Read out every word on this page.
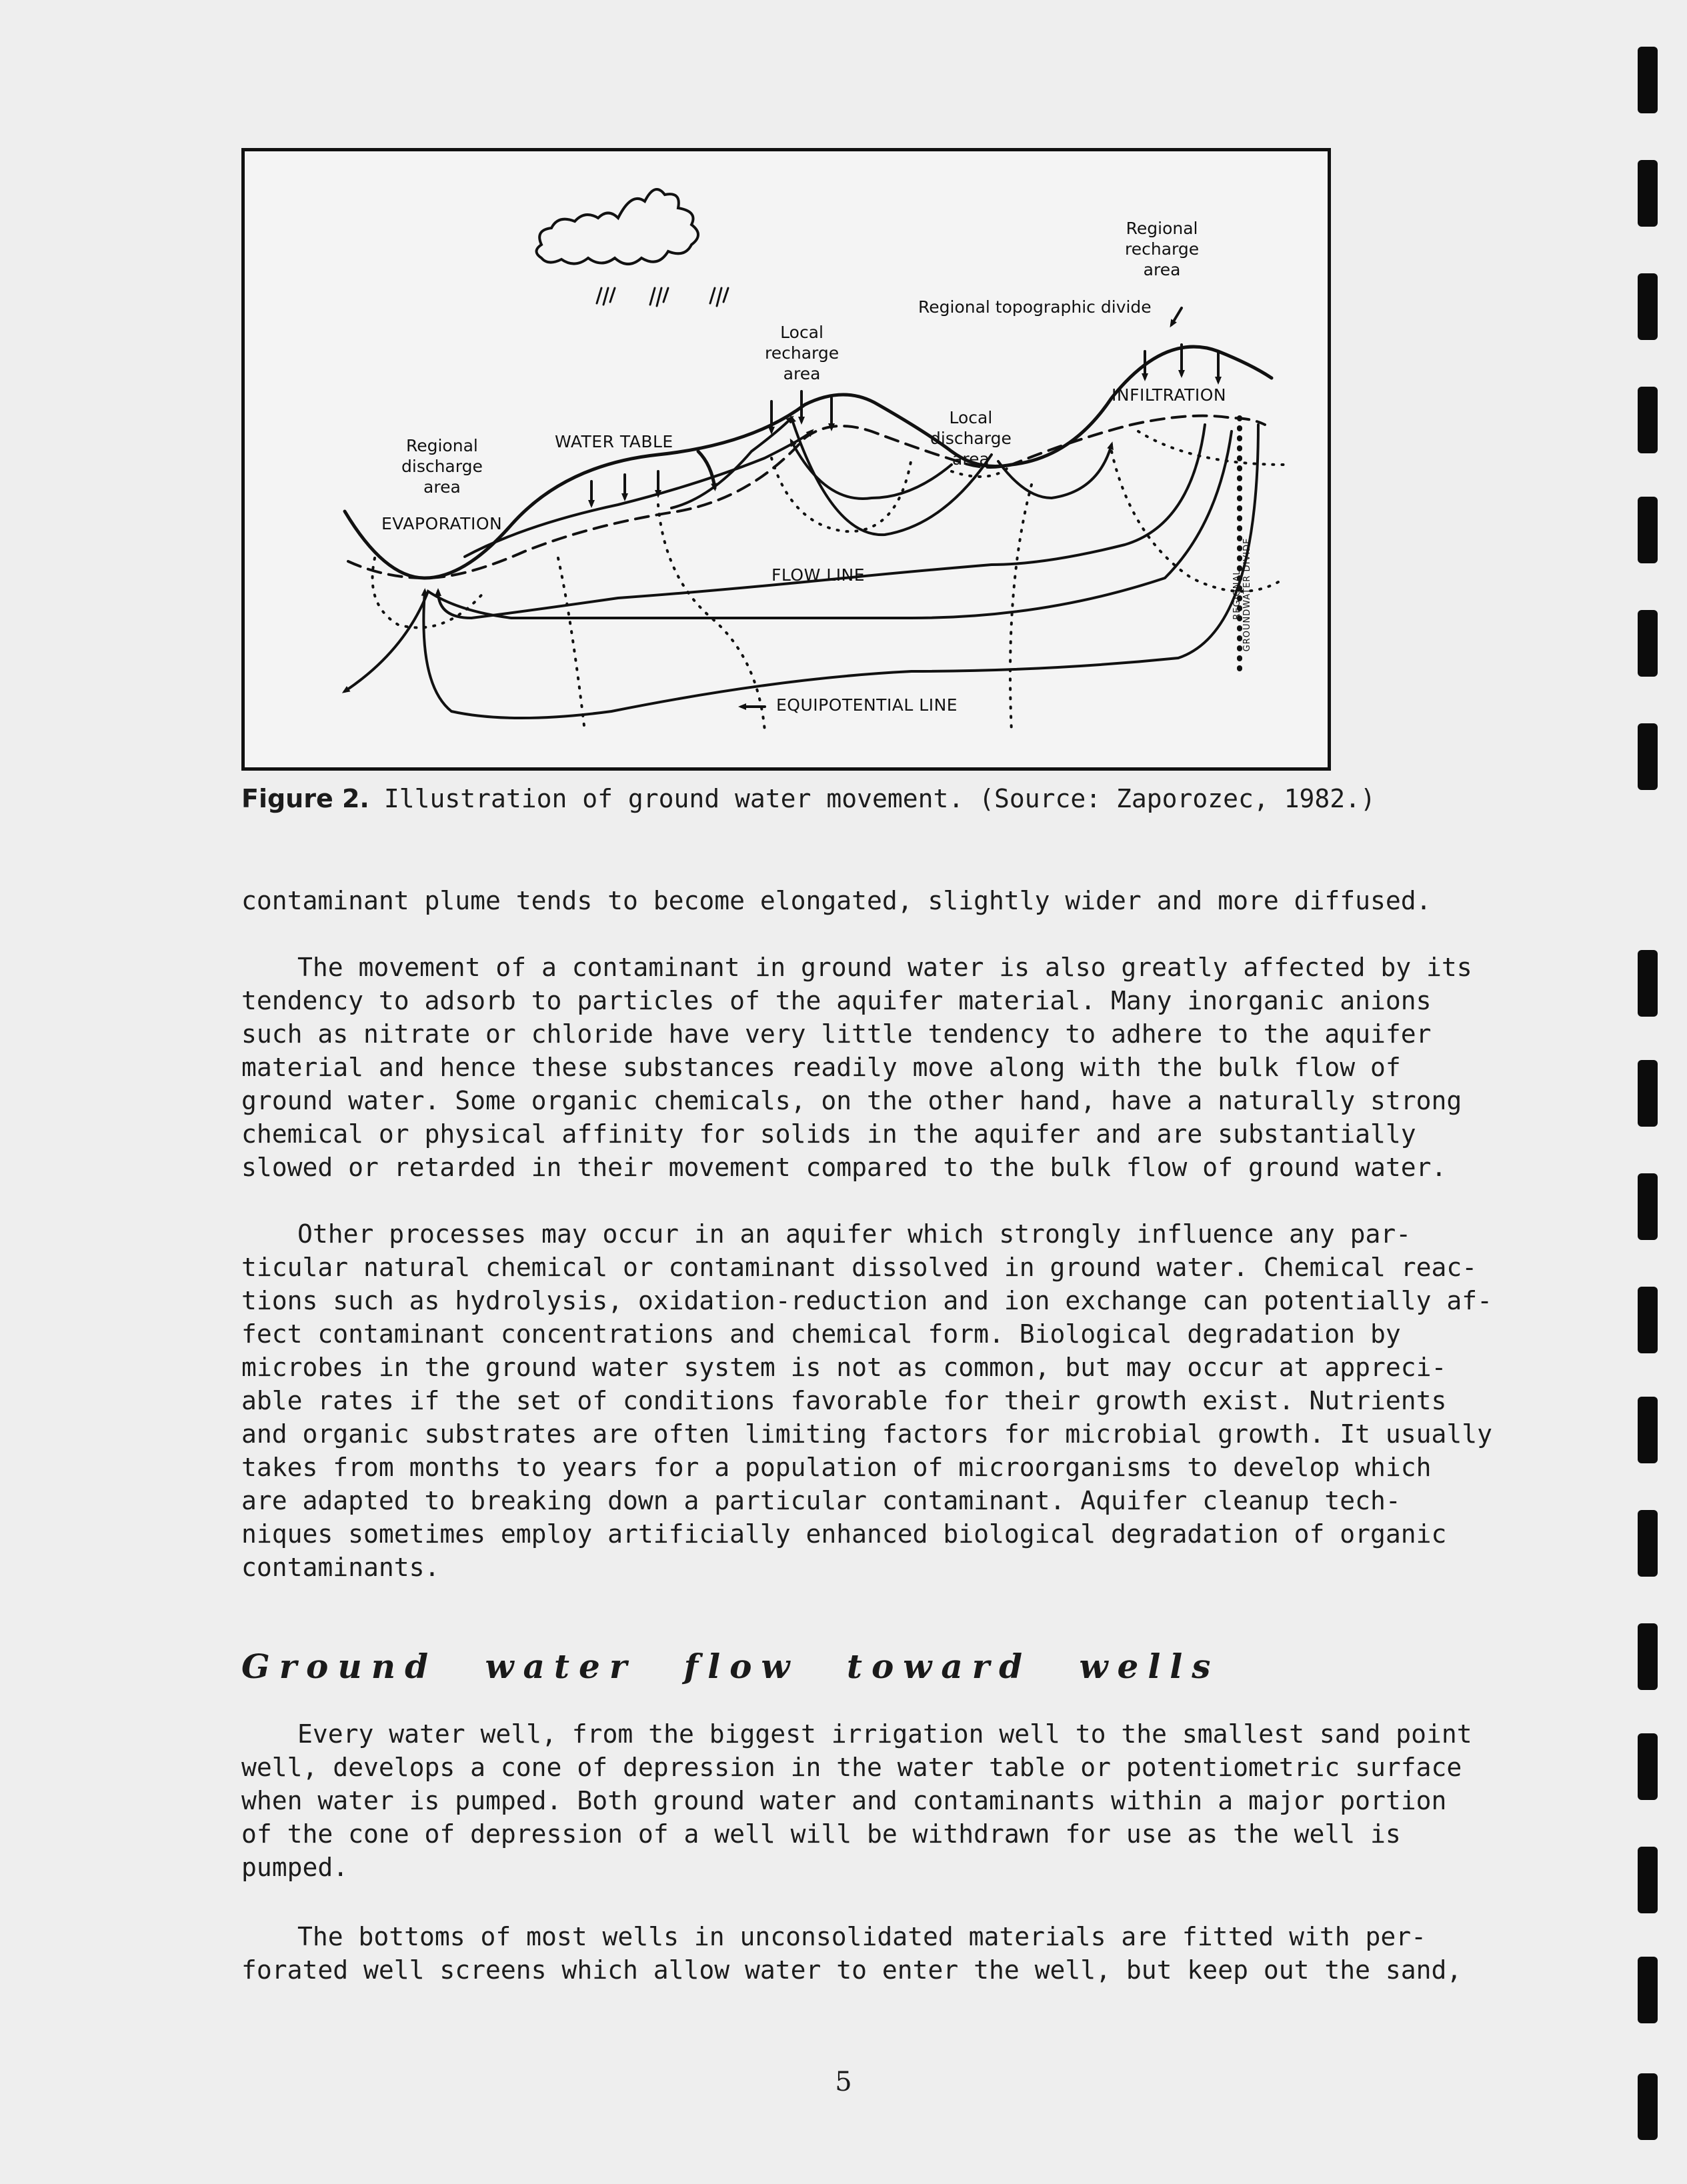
Regional
recharge
area
Regional topographic divide
Local
recharge
area
INFILTRATION
Local
discharge
area
WATER TABLE
Regional
discharge
area
EVAPORATION
FLOW LINE
EQUIPOTENTIAL LINE
REGIONAL GROUNDWATER DIVIDE
Figure 2. Illustration of ground water movement. (Source: Zaporozec, 1982.)
contaminant plume tends to become elongated, slightly wider and more diffused.
The movement of a contaminant in ground water is also greatly affected by its
tendency to adsorb to particles of the aquifer material. Many inorganic anions
such as nitrate or chloride have very little tendency to adhere to the aquifer
material and hence these substances readily move along with the bulk flow of
ground water. Some organic chemicals, on the other hand, have a naturally strong
chemical or physical affinity for solids in the aquifer and are substantially
slowed or retarded in their movement compared to the bulk flow of ground water.
Other processes may occur in an aquifer which strongly influence any par-
ticular natural chemical or contaminant dissolved in ground water. Chemical reac-
tions such as hydrolysis, oxidation-reduction and ion exchange can potentially af-
fect contaminant concentrations and chemical form. Biological degradation by
microbes in the ground water system is not as common, but may occur at appreci-
able rates if the set of conditions favorable for their growth exist. Nutrients
and organic substrates are often limiting factors for microbial growth. It usually
takes from months to years for a population of microorganisms to develop which
are adapted to breaking down a particular contaminant. Aquifer cleanup tech-
niques sometimes employ artificially enhanced biological degradation of organic
contaminants.
Ground water flow toward wells
Every water well, from the biggest irrigation well to the smallest sand point
well, develops a cone of depression in the water table or potentiometric surface
when water is pumped. Both ground water and contaminants within a major portion
of the cone of depression of a well will be withdrawn for use as the well is
pumped.
The bottoms of most wells in unconsolidated materials are fitted with per-
forated well screens which allow water to enter the well, but keep out the sand,
5
